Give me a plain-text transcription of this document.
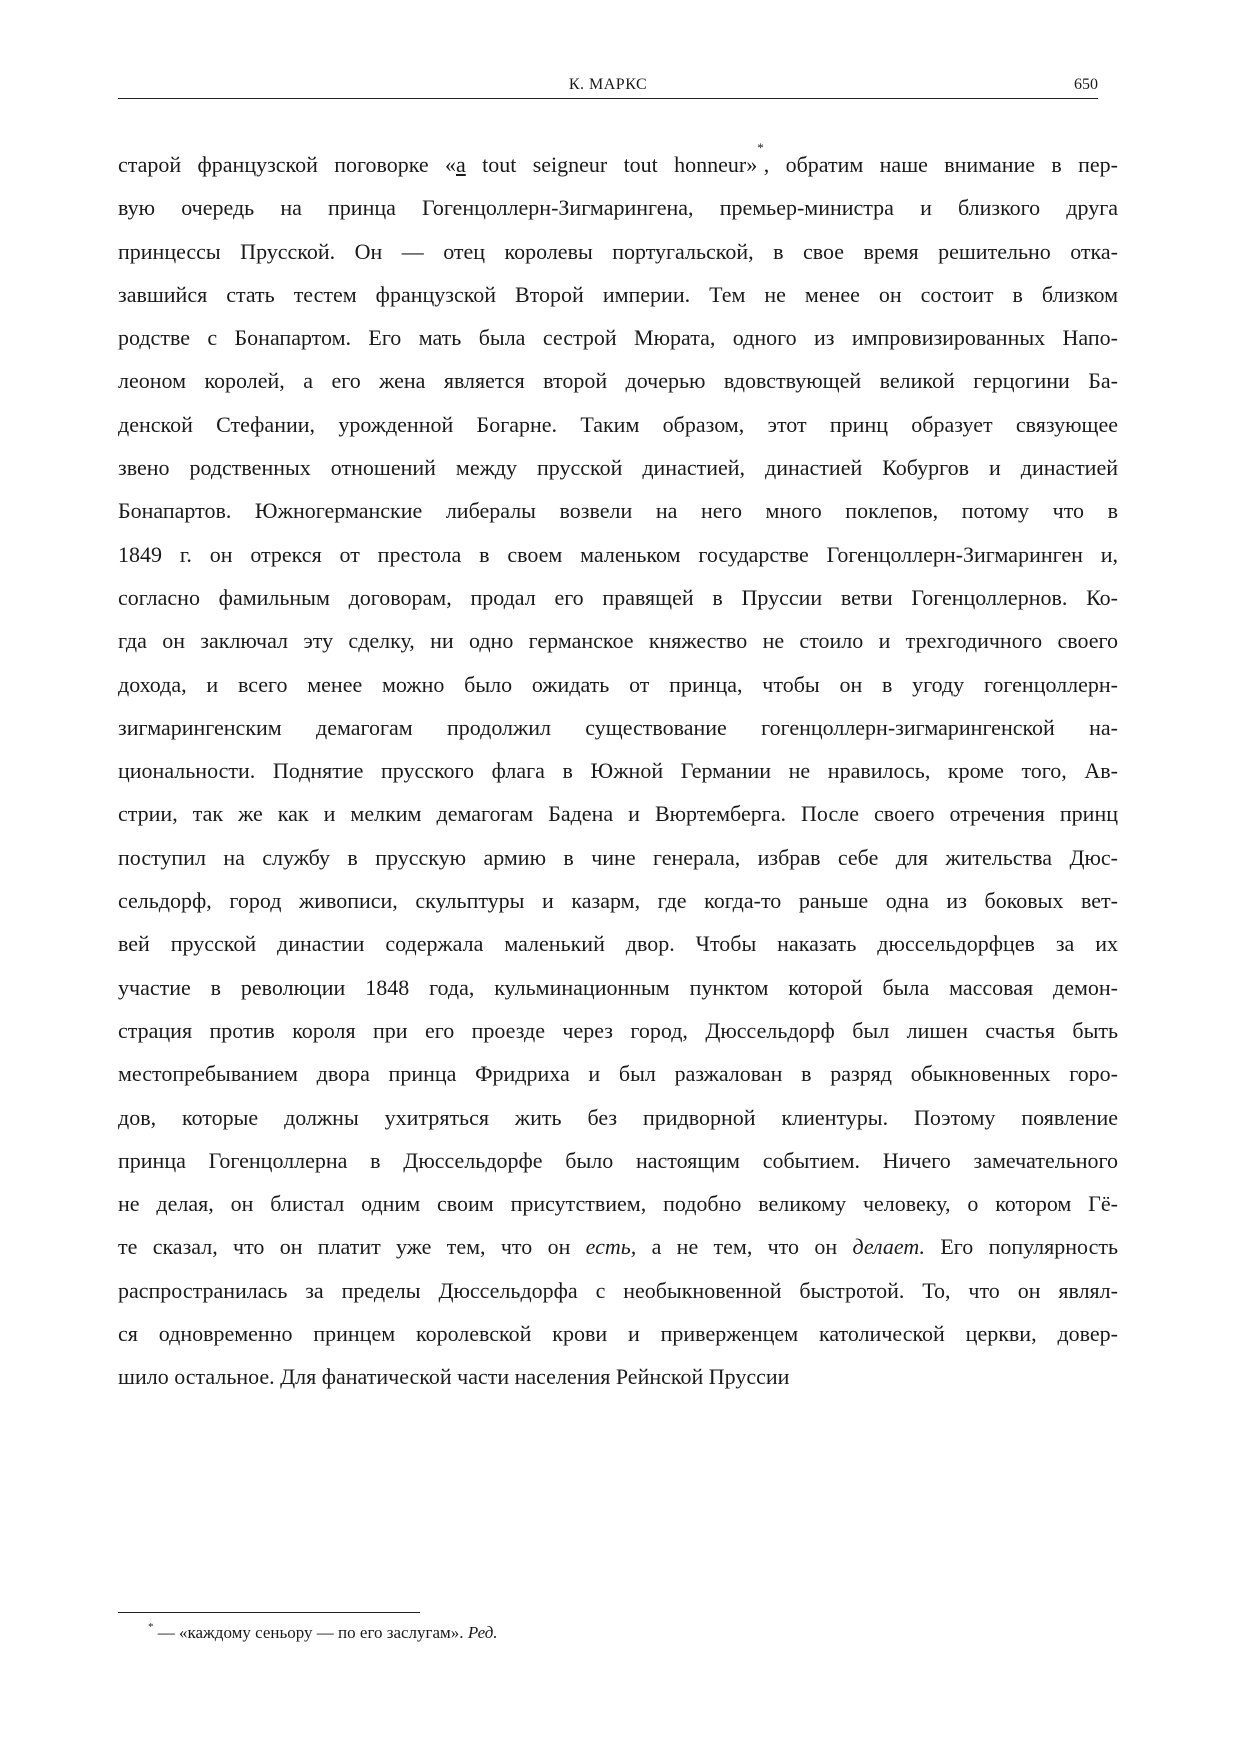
К. МАРКС	650
старой французской поговорке «a tout seigneur tout honneur»*, обратим наше внимание в пер-
вую очередь на принца Гогенцоллерн-Зигмарингена, премьер-министра и близкого друга
принцессы Прусской. Он — отец королевы португальской, в свое время решительно отка-
завшийся стать тестем французской Второй империи. Тем не менее он состоит в близком
родстве с Бонапартом. Его мать была сестрой Мюрата, одного из импровизированных Напо-
леоном королей, а его жена является второй дочерью вдовствующей великой герцогини Ба-
денской Стефании, урожденной Богарне. Таким образом, этот принц образует связующее
звено родственных отношений между прусской династией, династией Кобургов и династией
Бонапартов. Южногерманские либералы возвели на него много поклепов, потому что в
1849 г. он отрекся от престола в своем маленьком государстве Гогенцоллерн-Зигмаринген и,
согласно фамильным договорам, продал его правящей в Пруссии ветви Гогенцоллернов. Ко-
гда он заключал эту сделку, ни одно германское княжество не стоило и трехгодичного своего
дохода, и всего менее можно было ожидать от принца, чтобы он в угоду гогенцоллерн-
зигмарингенским демагогам продолжил существование гогенцоллерн-зигмарингенской на-
циональности. Поднятие прусского флага в Южной Германии не нравилось, кроме того, Ав-
стрии, так же как и мелким демагогам Бадена и Вюртемберга. После своего отречения принц
поступил на службу в прусскую армию в чине генерала, избрав себе для жительства Дюс-
сельдорф, город живописи, скульптуры и казарм, где когда-то раньше одна из боковых вет-
вей прусской династии содержала маленький двор. Чтобы наказать дюссельдорфцев за их
участие в революции 1848 года, кульминационным пунктом которой была массовая демон-
страция против короля при его проезде через город, Дюссельдорф был лишен счастья быть
местопребыванием двора принца Фридриха и был разжалован в разряд обыкновенных горо-
дов, которые должны ухитряться жить без придворной клиентуры. Поэтому появление
принца Гогенцоллерна в Дюссельдорфе было настоящим событием. Ничего замечательного
не делая, он блистал одним своим присутствием, подобно великому человеку, о котором Гё-
те сказал, что он платит уже тем, что он есть, а не тем, что он делает. Его популярность
распространилась за пределы Дюссельдорфа с необыкновенной быстротой. То, что он являл-
ся одновременно принцем королевской крови и приверженцем католической церкви, довер-
шило остальное. Для фанатической части населения Рейнской Пруссии
* — «каждому сеньору — по его заслугам». Ред.
